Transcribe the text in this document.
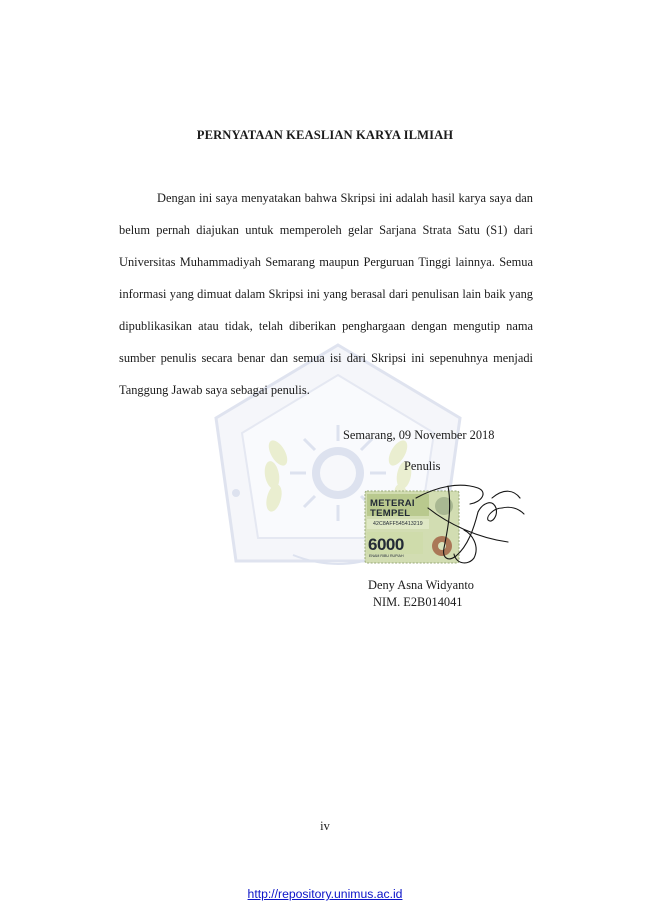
PERNYATAAN KEASLIAN KARYA ILMIAH

Dengan ini saya menyatakan bahwa Skripsi ini adalah hasil karya saya dan belum pernah diajukan untuk memperoleh gelar Sarjana Strata Satu (S1) dari Universitas Muhammadiyah Semarang maupun Perguruan Tinggi lainnya. Semua informasi yang dimuat dalam Skripsi ini yang berasal dari penulisan lain baik yang dipublikasikan atau tidak, telah diberikan penghargaan dengan mengutip nama sumber penulis secara benar dan semua isi dari Skripsi ini sepenuhnya menjadi Tanggung Jawab saya sebagai penulis.

Semarang, 09 November 2018
Penulis
METERAI TEMPEL
42C8AFF545413219
6000
ENAM RIBU RUPIAH
Deny Asna Widyanto
NIM. E2B014041
iv
http://repository.unimus.ac.id
